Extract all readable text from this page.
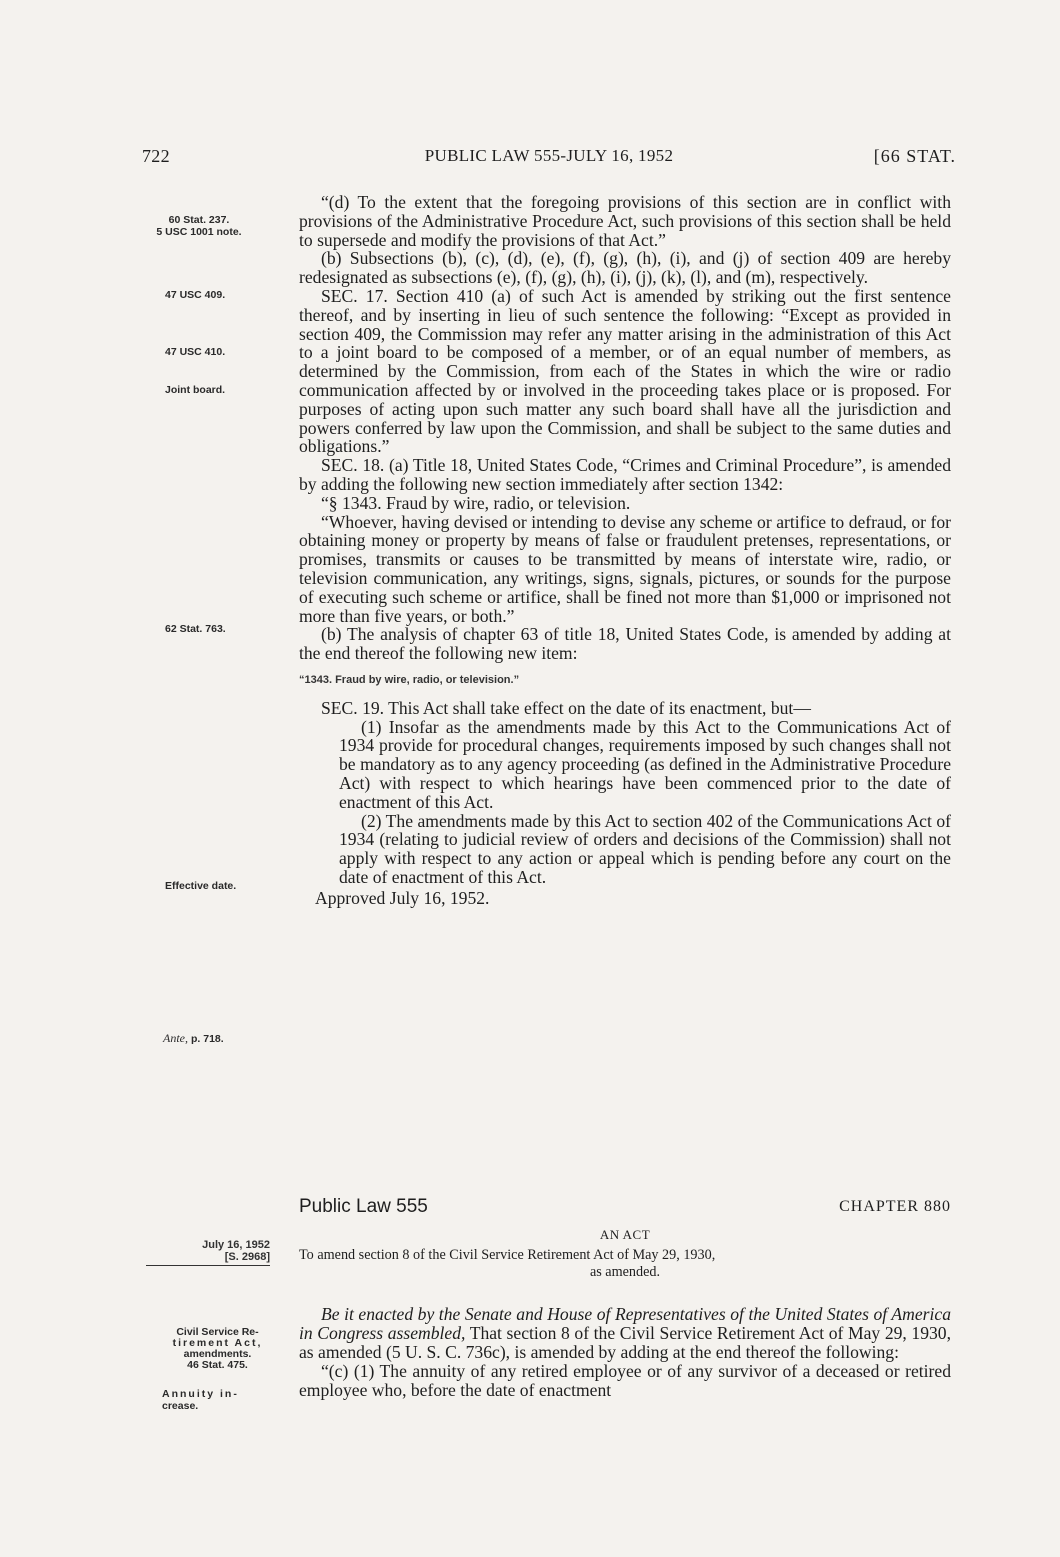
722	PUBLIC LAW 555-JULY 16, 1952	[66 STAT.
60 Stat. 237.
5 USC 1001 note.
47 USC 409.
47 USC 410.
Joint board.
62 Stat. 763.
Effective date.
Ante, p. 718.
Civil Service Re-
tirement Act,
amendments.
46 Stat. 475.
Annuity in-
crease.

“(d) To the extent that the foregoing provisions of this section are in conflict with provisions of the Administrative Procedure Act, such provisions of this section shall be held to supersede and modify the provisions of that Act.”

(b) Subsections (b), (c), (d), (e), (f), (g), (h), (i), and (j) of section 409 are hereby redesignated as subsections (e), (f), (g), (h), (i), (j), (k), (l), and (m), respectively.

SEC. 17. Section 410 (a) of such Act is amended by striking out the first sentence thereof, and by inserting in lieu of such sentence the following: “Except as provided in section 409, the Commission may refer any matter arising in the administration of this Act to a joint board to be composed of a member, or of an equal number of members, as determined by the Commission, from each of the States in which the wire or radio communication affected by or involved in the proceeding takes place or is proposed. For purposes of acting upon such matter any such board shall have all the jurisdiction and powers conferred by law upon the Commission, and shall be subject to the same duties and obligations.”

SEC. 18. (a) Title 18, United States Code, “Crimes and Criminal Procedure”, is amended by adding the following new section immediately after section 1342:

“§ 1343. Fraud by wire, radio, or television.

“Whoever, having devised or intending to devise any scheme or artifice to defraud, or for obtaining money or property by means of false or fraudulent pretenses, representations, or promises, transmits or causes to be transmitted by means of interstate wire, radio, or television communication, any writings, signs, signals, pictures, or sounds for the purpose of executing such scheme or artifice, shall be fined not more than $1,000 or imprisoned not more than five years, or both.”

(b) The analysis of chapter 63 of title 18, United States Code, is amended by adding at the end thereof the following new item:

“1343. Fraud by wire, radio, or television.”

SEC. 19. This Act shall take effect on the date of its enactment, but—

(1) Insofar as the amendments made by this Act to the Communications Act of 1934 provide for procedural changes, requirements imposed by such changes shall not be mandatory as to any agency proceeding (as defined in the Administrative Procedure Act) with respect to which hearings have been commenced prior to the date of enactment of this Act.

(2) The amendments made by this Act to section 402 of the Communications Act of 1934 (relating to judicial review of orders and decisions of the Commission) shall not apply with respect to any action or appeal which is pending before any court on the date of enactment of this Act.

Approved July 16, 1952.

Public Law 555	CHAPTER 880
AN ACT
To amend section 8 of the Civil Service Retirement Act of May 29, 1930,
as amended.
July 16, 1952
[S. 2968]

Be it enacted by the Senate and House of Representatives of the United States of America in Congress assembled, That section 8 of the Civil Service Retirement Act of May 29, 1930, as amended (5 U. S. C. 736c), is amended by adding at the end thereof the following:

“(c) (1) The annuity of any retired employee or of any survivor of a deceased or retired employee who, before the date of enactment
